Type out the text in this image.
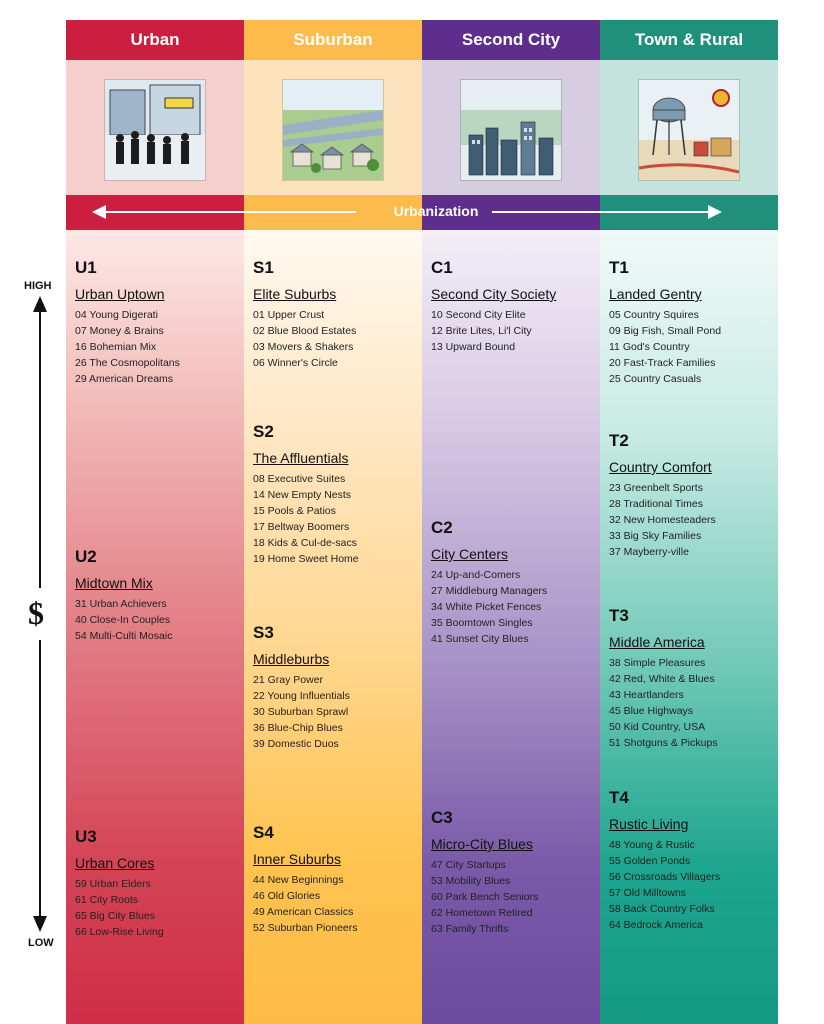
Urban
U1
Urban Uptown
04 Young Digerati
07 Money & Brains
16 Bohemian Mix
26 The Cosmopolitans
29 American Dreams
U2
Midtown Mix
31 Urban Achievers
40 Close-In Couples
54 Multi-Culti Mosaic
U3
Urban Cores
59 Urban Elders
61 City Roots
65 Big City Blues
66 Low-Rise Living
Suburban
S1
Elite Suburbs
01 Upper Crust
02 Blue Blood Estates
03 Movers & Shakers
06 Winner's Circle
S2
The Affluentials
08 Executive Suites
14 New Empty Nests
15 Pools & Patios
17 Beltway Boomers
18 Kids & Cul-de-sacs
19 Home Sweet Home
S3
Middleburbs
21 Gray Power
22 Young Influentials
30 Suburban Sprawl
36 Blue-Chip Blues
39 Domestic Duos
S4
Inner Suburbs
44 New Beginnings
46 Old Glories
49 American Classics
52 Suburban Pioneers
Second City
C1
Second City Society
10 Second City Elite
12 Brite Lites, Li'l City
13 Upward Bound
C2
City Centers
24 Up-and-Comers
27 Middleburg Managers
34 White Picket Fences
35 Boomtown Singles
41 Sunset City Blues
C3
Micro-City Blues
47 City Startups
53 Mobility Blues
60 Park Bench Seniors
62 Hometown Retired
63 Family Thrifts
Town & Rural
T1
Landed Gentry
05 Country Squires
09 Big Fish, Small Pond
11 God's Country
20 Fast-Track Families
25 Country Casuals
T2
Country Comfort
23 Greenbelt Sports
28 Traditional Times
32 New Homesteaders
33 Big Sky Families
37 Mayberry-ville
T3
Middle America
38 Simple Pleasures
42 Red, White & Blues
43 Heartlanders
45 Blue Highways
50 Kid Country, USA
51 Shotguns & Pickups
T4
Rustic Living
48 Young & Rustic
55 Golden Ponds
56 Crossroads Villagers
57 Old Milltowns
58 Back Country Folks
64 Bedrock America
Urbanization
HIGH
$
LOW
